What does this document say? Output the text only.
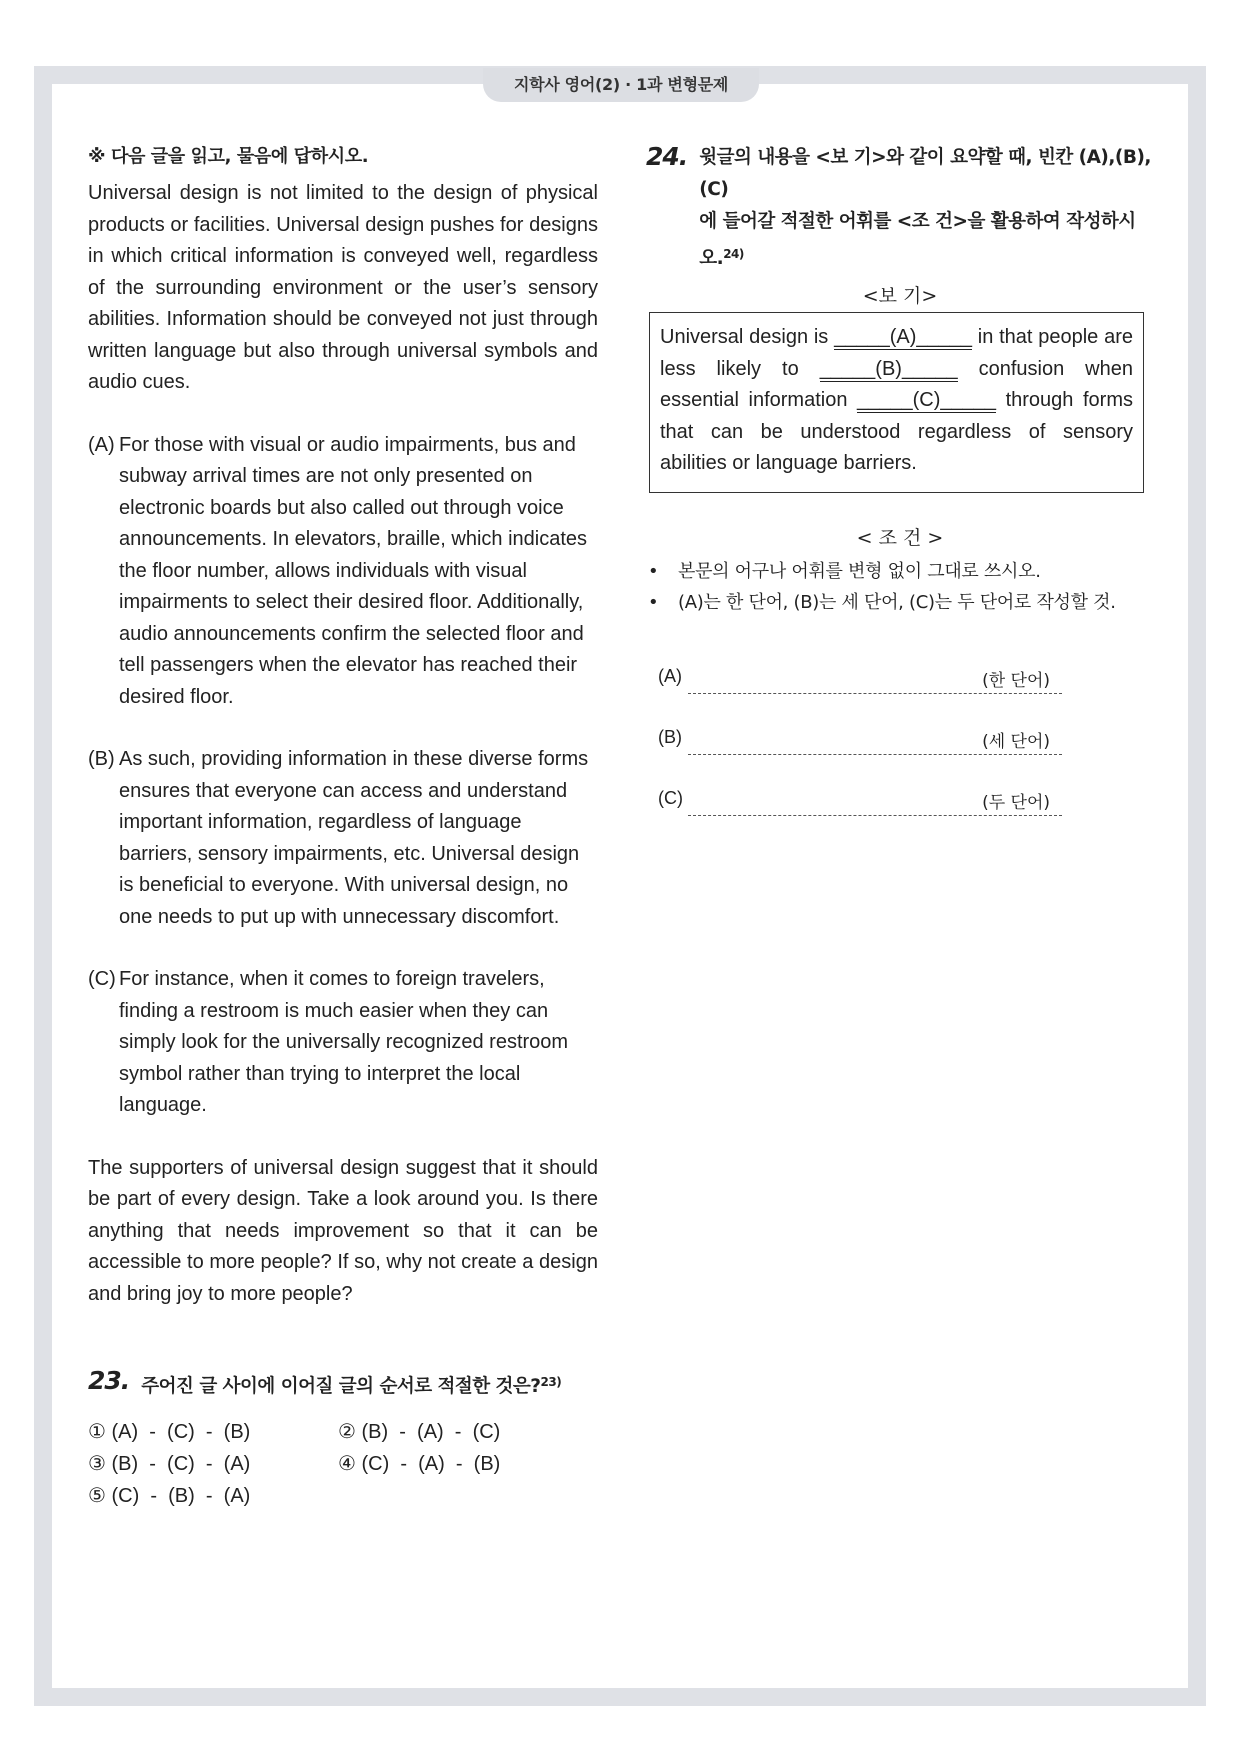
지학사 영어(2) · 1과 변형문제

※ 다음 글을 읽고, 물음에 답하시오.

Universal design is not limited to the design of physical products or facilities. Universal design pushes for designs in which critical information is conveyed well, regardless of the surrounding environment or the user’s sensory abilities. Information should be conveyed not just through written language but also through universal symbols and audio cues.

(A) For those with visual or audio impairments, bus and subway arrival times are not only presented on electronic boards but also called out through voice announcements. In elevators, braille, which indicates the floor number, allows individuals with visual impairments to select their desired floor. Additionally, audio announcements confirm the selected floor and tell passengers when the elevator has reached their desired floor.
(B) As such, providing information in these diverse forms ensures that everyone can access and understand important information, regardless of language barriers, sensory impairments, etc. Universal design is beneficial to everyone. With universal design, no one needs to put up with unnecessary discomfort.
(C) For instance, when it comes to foreign travelers, finding a restroom is much easier when they can simply look for the universally recognized restroom symbol rather than trying to interpret the local language.

The supporters of universal design suggest that it should be part of every design. Take a look around you. Is there anything that needs improvement so that it can be accessible to more people? If so, why not create a design and bring joy to more people?

23. 주어진 글 사이에 이어질 글의 순서로 적절한 것은?$^{23)}$
① (A)  -  (C)  -  (B)	② (B)  -  (A)  -  (C)
③ (B)  -  (C)  -  (A)	④ (C)  -  (A)  -  (B)
⑤ (C)  -  (B)  -  (A)
24. 윗글의 내용을 <보 기>와 같이 요약할 때, 빈칸 (A),(B),(C)
에 들어갈 적절한 어휘를 <조 건>을 활용하여 작성하시오.$^{24)}$
<보 기>
Universal design is _____(A)_____ in that people are less likely to _____(B)_____ confusion when essential information _____(C)_____ through forms that can be understood regardless of sensory abilities or language barriers.
< 조 건 >
•	본문의 어구나 어휘를 변형 없이 그대로 쓰시오.
•	(A)는 한 단어, (B)는 세 단어, (C)는 두 단어로 작성할 것.
(A)	(한 단어)
(B)	(세 단어)
(C)	(두 단어)
